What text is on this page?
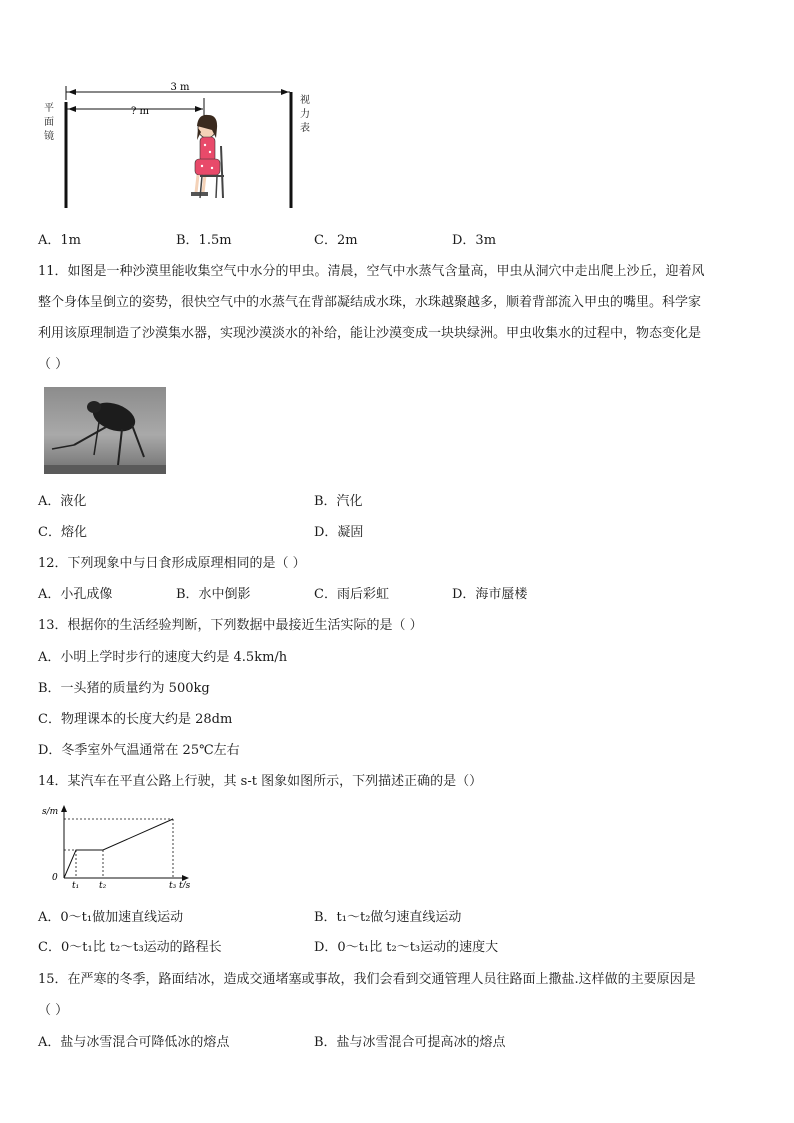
3 m
? m
平
面
镜
视
力
表
A．1m	B．1.5m	C．2m	D．3m
11．如图是一种沙漠里能收集空气中水分的甲虫。清晨，空气中水蒸气含量高，甲虫从洞穴中走出爬上沙丘，迎着风
整个身体呈倒立的姿势，很快空气中的水蒸气在背部凝结成水珠，水珠越聚越多，顺着背部流入甲虫的嘴里。科学家
利用该原理制造了沙漠集水器，实现沙漠淡水的补给，能让沙漠变成一块块绿洲。甲虫收集水的过程中，物态变化是
（ ）
A．液化	B．汽化
C．熔化	D．凝固
12．下列现象中与日食形成原理相同的是（ ）
A．小孔成像	B．水中倒影	C．雨后彩虹	D．海市蜃楼
13．根据你的生活经验判断，下列数据中最接近生活实际的是（ ）
A．小明上学时步行的速度大约是 4.5km/h
B．一头猪的质量约为 500kg
C．物理课本的长度大约是 28dm
D．冬季室外气温通常在 25℃左右
14．某汽车在平直公路上行驶，其 s-t 图象如图所示，下列描述正确的是（）
s/m
0
t₁ t₂	t₃ t/s
A．0～t₁做加速直线运动	B．t₁～t₂做匀速直线运动
C．0～t₁比 t₂～t₃运动的路程长	D．0～t₁比 t₂～t₃运动的速度大
15．在严寒的冬季，路面结冰，造成交通堵塞或事故，我们会看到交通管理人员往路面上撒盐.这样做的主要原因是
（ ）
A．盐与冰雪混合可降低冰的熔点	B．盐与冰雪混合可提高冰的熔点
